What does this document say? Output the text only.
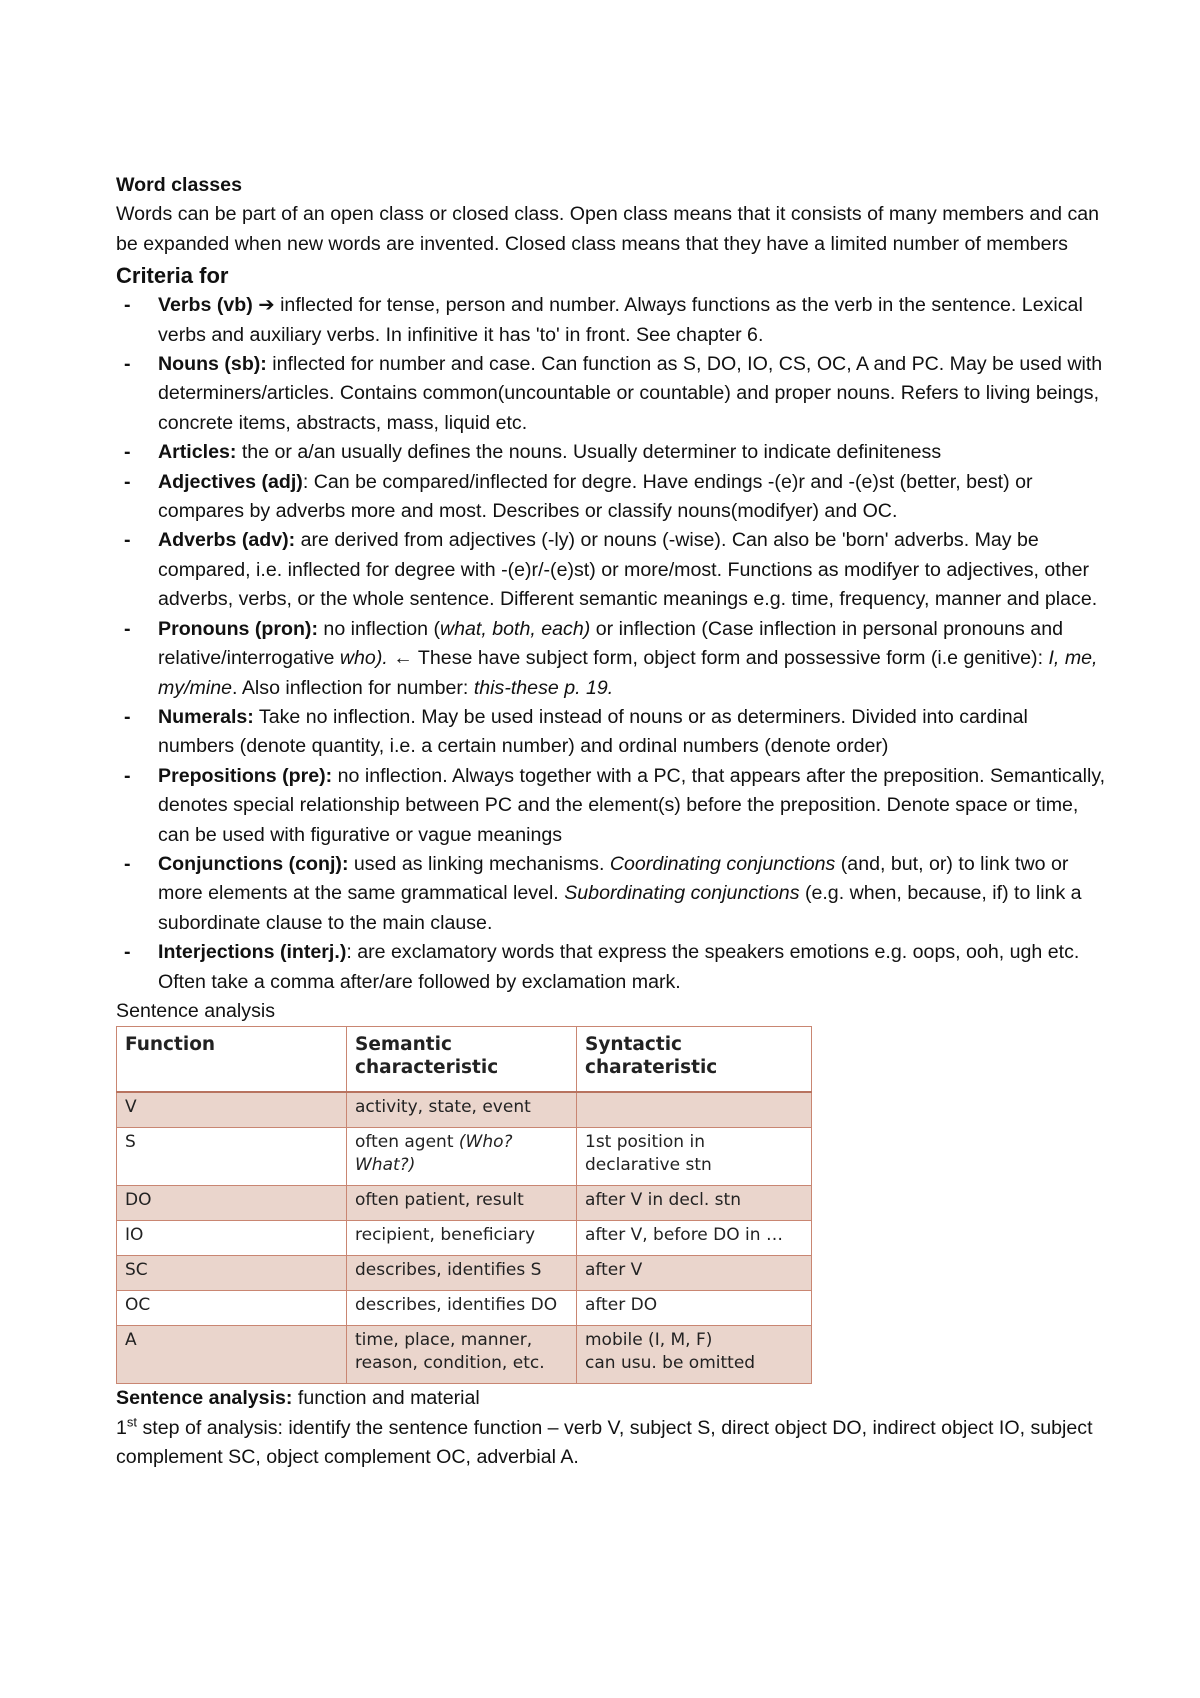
Word classes

Words can be part of an open class or closed class. Open class means that it consists of many members and can be expanded when new words are invented. Closed class means that they have a limited number of members

Criteria for
- Verbs (vb) ➔ inflected for tense, person and number. Always functions as the verb in the sentence. Lexical verbs and auxiliary verbs. In infinitive it has 'to' in front. See chapter 6.
- Nouns (sb): inflected for number and case. Can function as S, DO, IO, CS, OC, A and PC. May be used with determiners/articles. Contains common(uncountable or countable) and proper nouns. Refers to living beings, concrete items, abstracts, mass, liquid etc.
- Articles: the or a/an usually defines the nouns. Usually determiner to indicate definiteness
- Adjectives (adj): Can be compared/inflected for degre. Have endings -(e)r and -(e)st (better, best) or compares by adverbs more and most. Describes or classify nouns(modifyer) and OC.
- Adverbs (adv): are derived from adjectives (-ly) or nouns (-wise). Can also be 'born' adverbs. May be compared, i.e. inflected for degree with -(e)r/-(e)st) or more/most. Functions as modifyer to adjectives, other adverbs, verbs, or the whole sentence. Different semantic meanings e.g. time, frequency, manner and place.
- Pronouns (pron): no inflection (what, both, each) or inflection (Case inflection in personal pronouns and relative/interrogative who). ← These have subject form, object form and possessive form (i.e genitive): I, me, my/mine. Also inflection for number: this-these p. 19.
- Numerals: Take no inflection. May be used instead of nouns or as determiners. Divided into cardinal numbers (denote quantity, i.e. a certain number) and ordinal numbers (denote order)
- Prepositions (pre): no inflection. Always together with a PC, that appears after the preposition. Semantically, denotes special relationship between PC and the element(s) before the preposition. Denote space or time, can be used with figurative or vague meanings
- Conjunctions (conj): used as linking mechanisms. Coordinating conjunctions (and, but, or) to link two or more elements at the same grammatical level. Subordinating conjunctions (e.g. when, because, if) to link a subordinate clause to the main clause.
- Interjections (interj.): are exclamatory words that express the speakers emotions e.g. oops, ooh, ugh etc. Often take a comma after/are followed by exclamation mark.
Sentence analysis
Function	Semantic characteristic	Syntactic charateristic
V	activity, state, event	
S	often agent (Who? What?)	1st position in declarative stn
DO	often patient, result	after V in decl. stn
IO	recipient, beneficiary	after V, before DO in …
SC	describes, identifies S	after V
OC	describes, identifies DO	after DO
A	time, place, manner, reason, condition, etc.	mobile (I, M, F)
can usu. be omitted

Sentence analysis: function and material

1st step of analysis: identify the sentence function – verb V, subject S, direct object DO, indirect object IO, subject complement SC, object complement OC, adverbial A.
